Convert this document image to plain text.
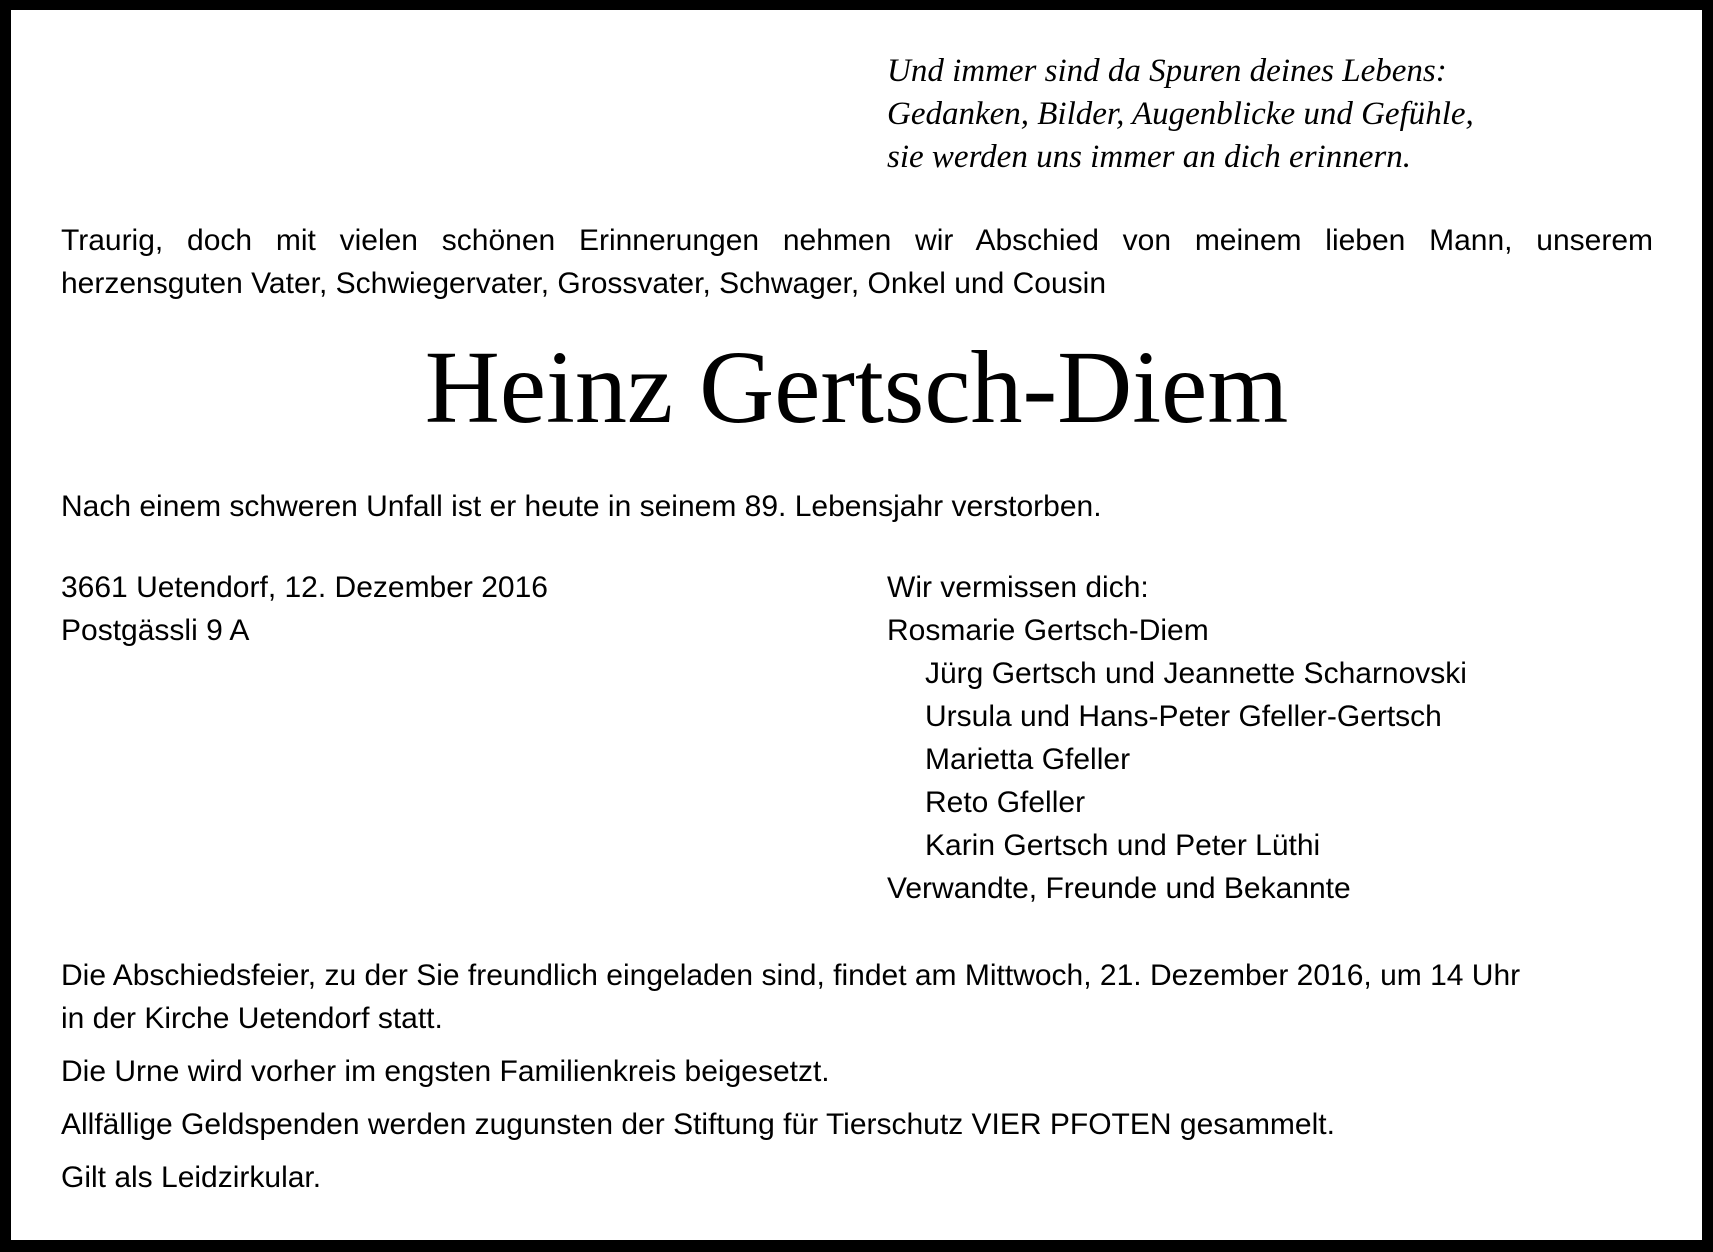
Und immer sind da Spuren deines Lebens:
Gedanken, Bilder, Augenblicke und Gefühle,
sie werden uns immer an dich erinnern.
Traurig, doch mit vielen schönen Erinnerungen nehmen wir Abschied von meinem lieben Mann, unserem
herzensguten Vater, Schwiegervater, Grossvater, Schwager, Onkel und Cousin
Heinz Gertsch-Diem
Nach einem schweren Unfall ist er heute in seinem 89. Lebensjahr verstorben.
3661 Uetendorf, 12. Dezember 2016
Postgässli 9 A
Wir vermissen dich:
Rosmarie Gertsch-Diem
Jürg Gertsch und Jeannette Scharnovski
Ursula und Hans-Peter Gfeller-Gertsch
Marietta Gfeller
Reto Gfeller
Karin Gertsch und Peter Lüthi
Verwandte, Freunde und Bekannte

Die Abschiedsfeier, zu der Sie freundlich eingeladen sind, findet am Mittwoch, 21. Dezember 2016, um 14 Uhr
in der Kirche Uetendorf statt.

Die Urne wird vorher im engsten Familienkreis beigesetzt.

Allfällige Geldspenden werden zugunsten der Stiftung für Tierschutz VIER PFOTEN gesammelt.

Gilt als Leidzirkular.
